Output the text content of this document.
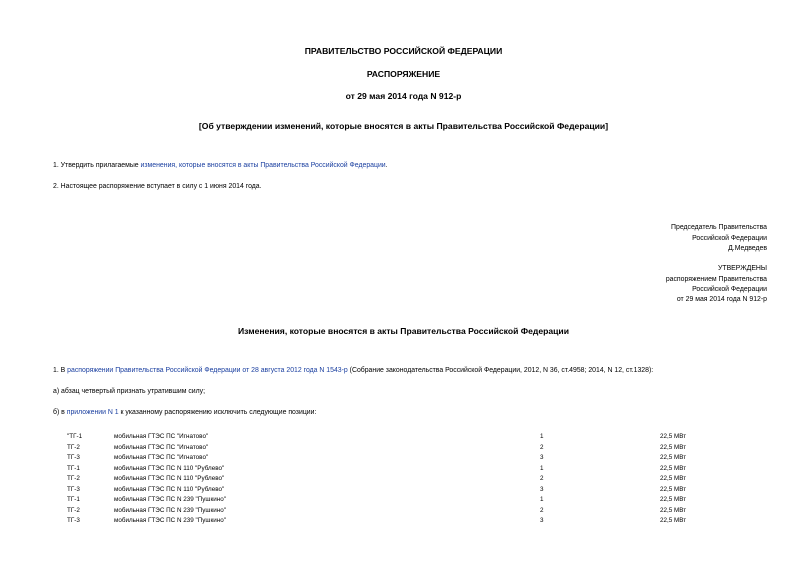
ПРАВИТЕЛЬСТВО РОССИЙСКОЙ ФЕДЕРАЦИИ
РАСПОРЯЖЕНИЕ
от 29 мая 2014 года N 912-р
[Об утверждении изменений, которые вносятся в акты Правительства Российской Федерации]
1. Утвердить прилагаемые изменения, которые вносятся в акты Правительства Российской Федерации.
2. Настоящее распоряжение вступает в силу с 1 июня 2014 года.
Председатель Правительства
Российской Федерации
Д.Медведев
УТВЕРЖДЕНЫ
распоряжением Правительства
Российской Федерации
от 29 мая 2014 года N 912-р
Изменения, которые вносятся в акты Правительства Российской Федерации
1. В распоряжении Правительства Российской Федерации от 28 августа 2012 года N 1543-р (Собрание законодательства Российской Федерации, 2012, N 36, ст.4958; 2014, N 12, ст.1328):
а) абзац четвертый признать утратившим силу;
б) в приложении N 1 к указанному распоряжению исключить следующие позиции:
"ТГ-1	мобильная ГТЭС ПС "Игнатово"	1	22,5 МВт
ТГ-2	мобильная ГТЭС ПС "Игнатово"	2	22,5 МВт
ТГ-3	мобильная ГТЭС ПС "Игнатово"	3	22,5 МВт
ТГ-1	мобильная ГТЭС ПС N 110 "Рублево"	1	22,5 МВт
ТГ-2	мобильная ГТЭС ПС N 110 "Рублево"	2	22,5 МВт
ТГ-3	мобильная ГТЭС ПС N 110 "Рублево"	3	22,5 МВт
ТГ-1	мобильная ГТЭС ПС N 239 "Пушкино"	1	22,5 МВт
ТГ-2	мобильная ГТЭС ПС N 239 "Пушкино"	2	22,5 МВт
ТГ-3	мобильная ГТЭС ПС N 239 "Пушкино"	3	22,5 МВт
